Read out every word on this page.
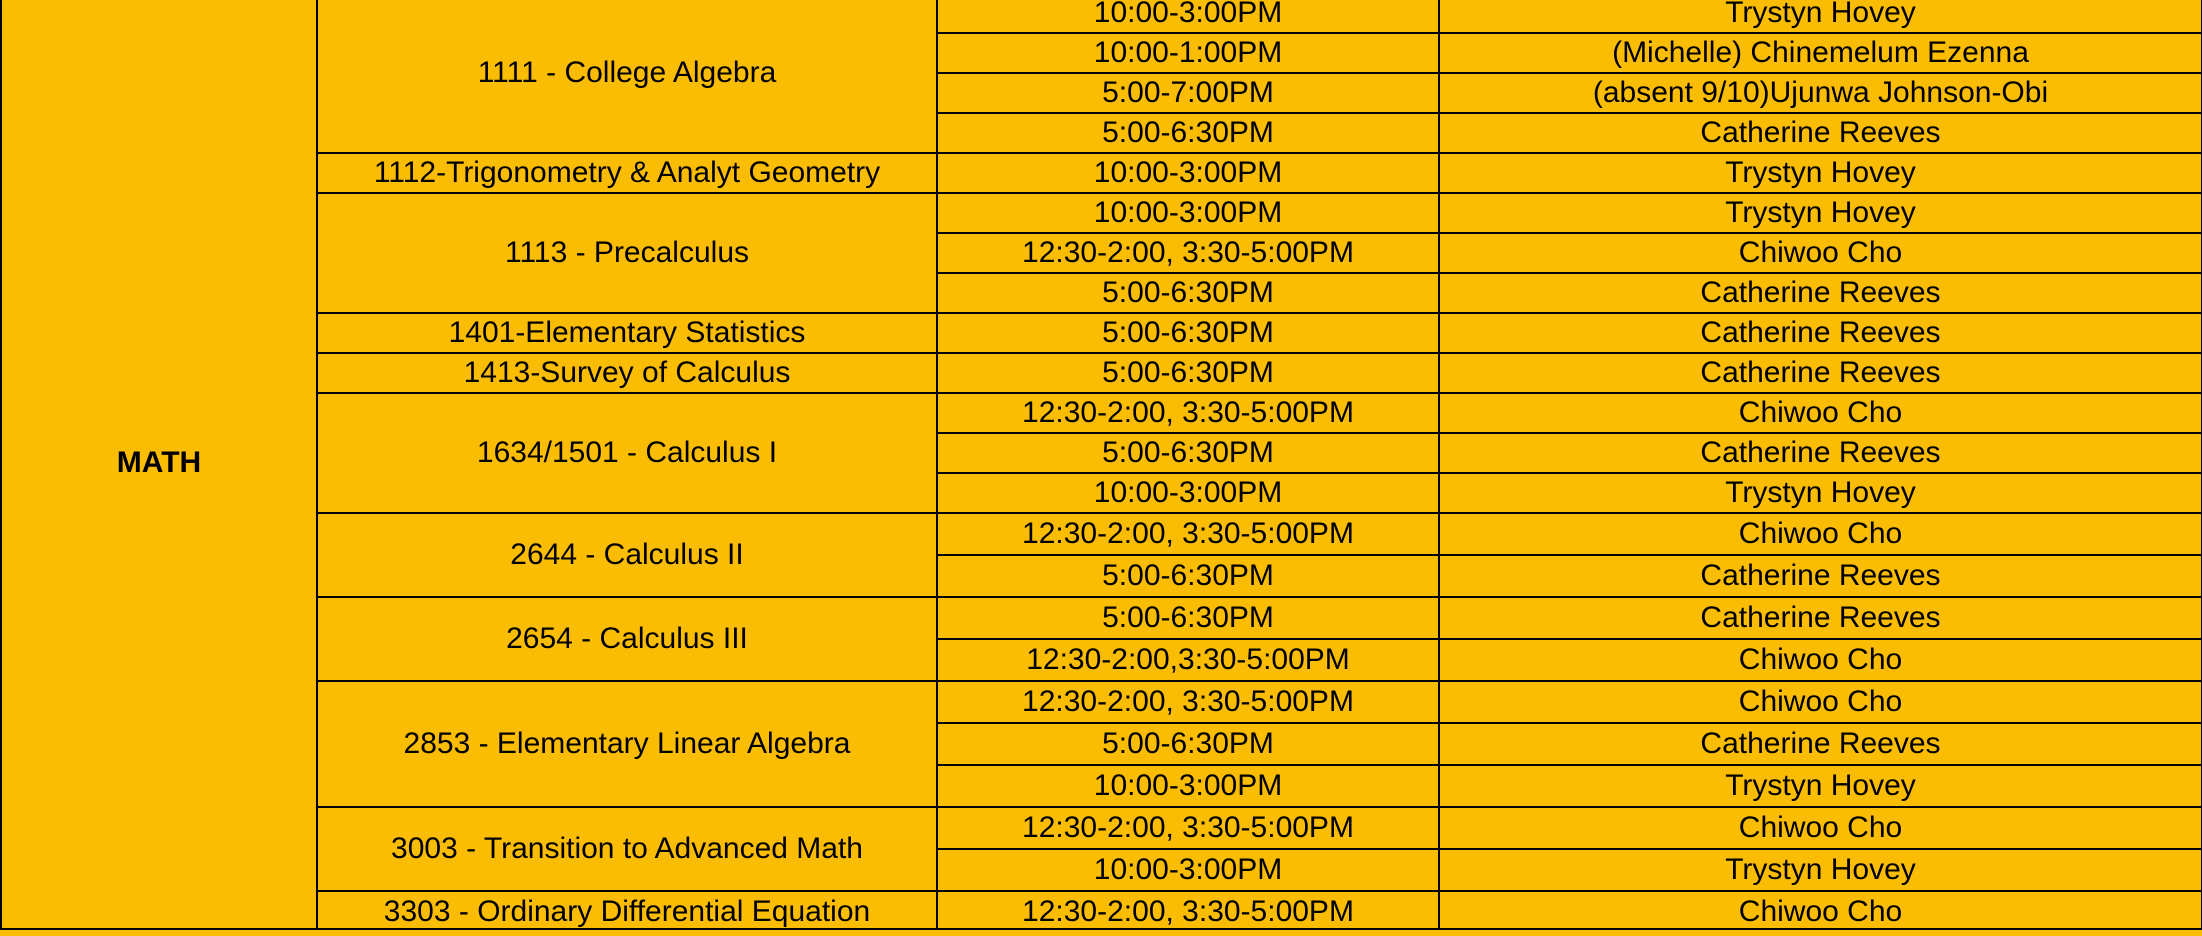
MATH	1111 - College Algebra	10:00-3:00PM	Trystyn Hovey
		10:00-1:00PM	(Michelle) Chinemelum Ezenna
		5:00-7:00PM	(absent 9/10)Ujunwa Johnson-Obi
		5:00-6:30PM	Catherine Reeves
	1112-Trigonometry & Analyt Geometry	10:00-3:00PM	Trystyn Hovey
	1113 - Precalculus	10:00-3:00PM	Trystyn Hovey
		12:30-2:00, 3:30-5:00PM	Chiwoo Cho
		5:00-6:30PM	Catherine Reeves
	1401-Elementary Statistics	5:00-6:30PM	Catherine Reeves
	1413-Survey of Calculus	5:00-6:30PM	Catherine Reeves
	1634/1501 - Calculus I	12:30-2:00, 3:30-5:00PM	Chiwoo Cho
		5:00-6:30PM	Catherine Reeves
		10:00-3:00PM	Trystyn Hovey
	2644 - Calculus II	12:30-2:00, 3:30-5:00PM	Chiwoo Cho
		5:00-6:30PM	Catherine Reeves
	2654 - Calculus III	5:00-6:30PM	Catherine Reeves
		12:30-2:00,3:30-5:00PM	Chiwoo Cho
	2853 - Elementary Linear Algebra	12:30-2:00, 3:30-5:00PM	Chiwoo Cho
		5:00-6:30PM	Catherine Reeves
		10:00-3:00PM	Trystyn Hovey
	3003 - Transition to Advanced Math	12:30-2:00, 3:30-5:00PM	Chiwoo Cho
		10:00-3:00PM	Trystyn Hovey
	3303 - Ordinary Differential Equation	12:30-2:00, 3:30-5:00PM	Chiwoo Cho
